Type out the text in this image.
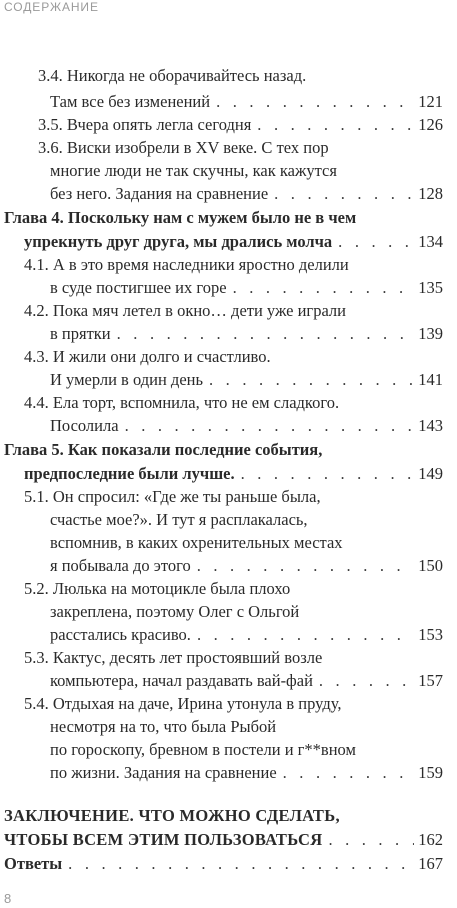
СОДЕРЖАНИЕ
3.4. Никогда не оборачивайтесь назад.
Там все без изменений . . .	121
3.5. Вчера опять легла сегодня . . .	126
3.6. Виски изобрели в XV веке. С тех пор
многие люди не так скучны, как кажутся
без него. Задания на сравнение . . .	128
Глава 4. Поскольку нам с мужем было не в чем
упрекнуть друг друга, мы дрались молча . . .	134
4.1. А в это время наследники яростно делили
в суде постигшее их горе . . .	135
4.2. Пока мяч летел в окно… дети уже играли
в прятки . . .	139
4.3. И жили они долго и счастливо.
И умерли в один день . . .	141
4.4. Ела торт, вспомнила, что не ем сладкого.
Посолила . . .	143
Глава 5. Как показали последние события,
предпоследние были лучше. . . .	149
5.1. Он спросил: «Где же ты раньше была,
счастье мое?». И тут я расплакалась,
вспомнив, в каких охренительных местах
я побывала до этого . . .	150
5.2. Люлька на мотоцикле была плохо
закреплена, поэтому Олег с Ольгой
расстались красиво. . . .	153
5.3. Кактус, десять лет простоявший возле
компьютера, начал раздавать вай-фай . . .	157
5.4. Отдыхая на даче, Ирина утонула в пруду,
несмотря на то, что была Рыбой
по гороскопу, бревном в постели и г**вном
по жизни. Задания на сравнение . . .	159
ЗАКЛЮЧЕНИЕ. ЧТО МОЖНО СДЕЛАТЬ,
ЧТОБЫ ВСЕМ ЭТИМ ПОЛЬЗОВАТЬСЯ . . .	162
Ответы . . .	167
8
